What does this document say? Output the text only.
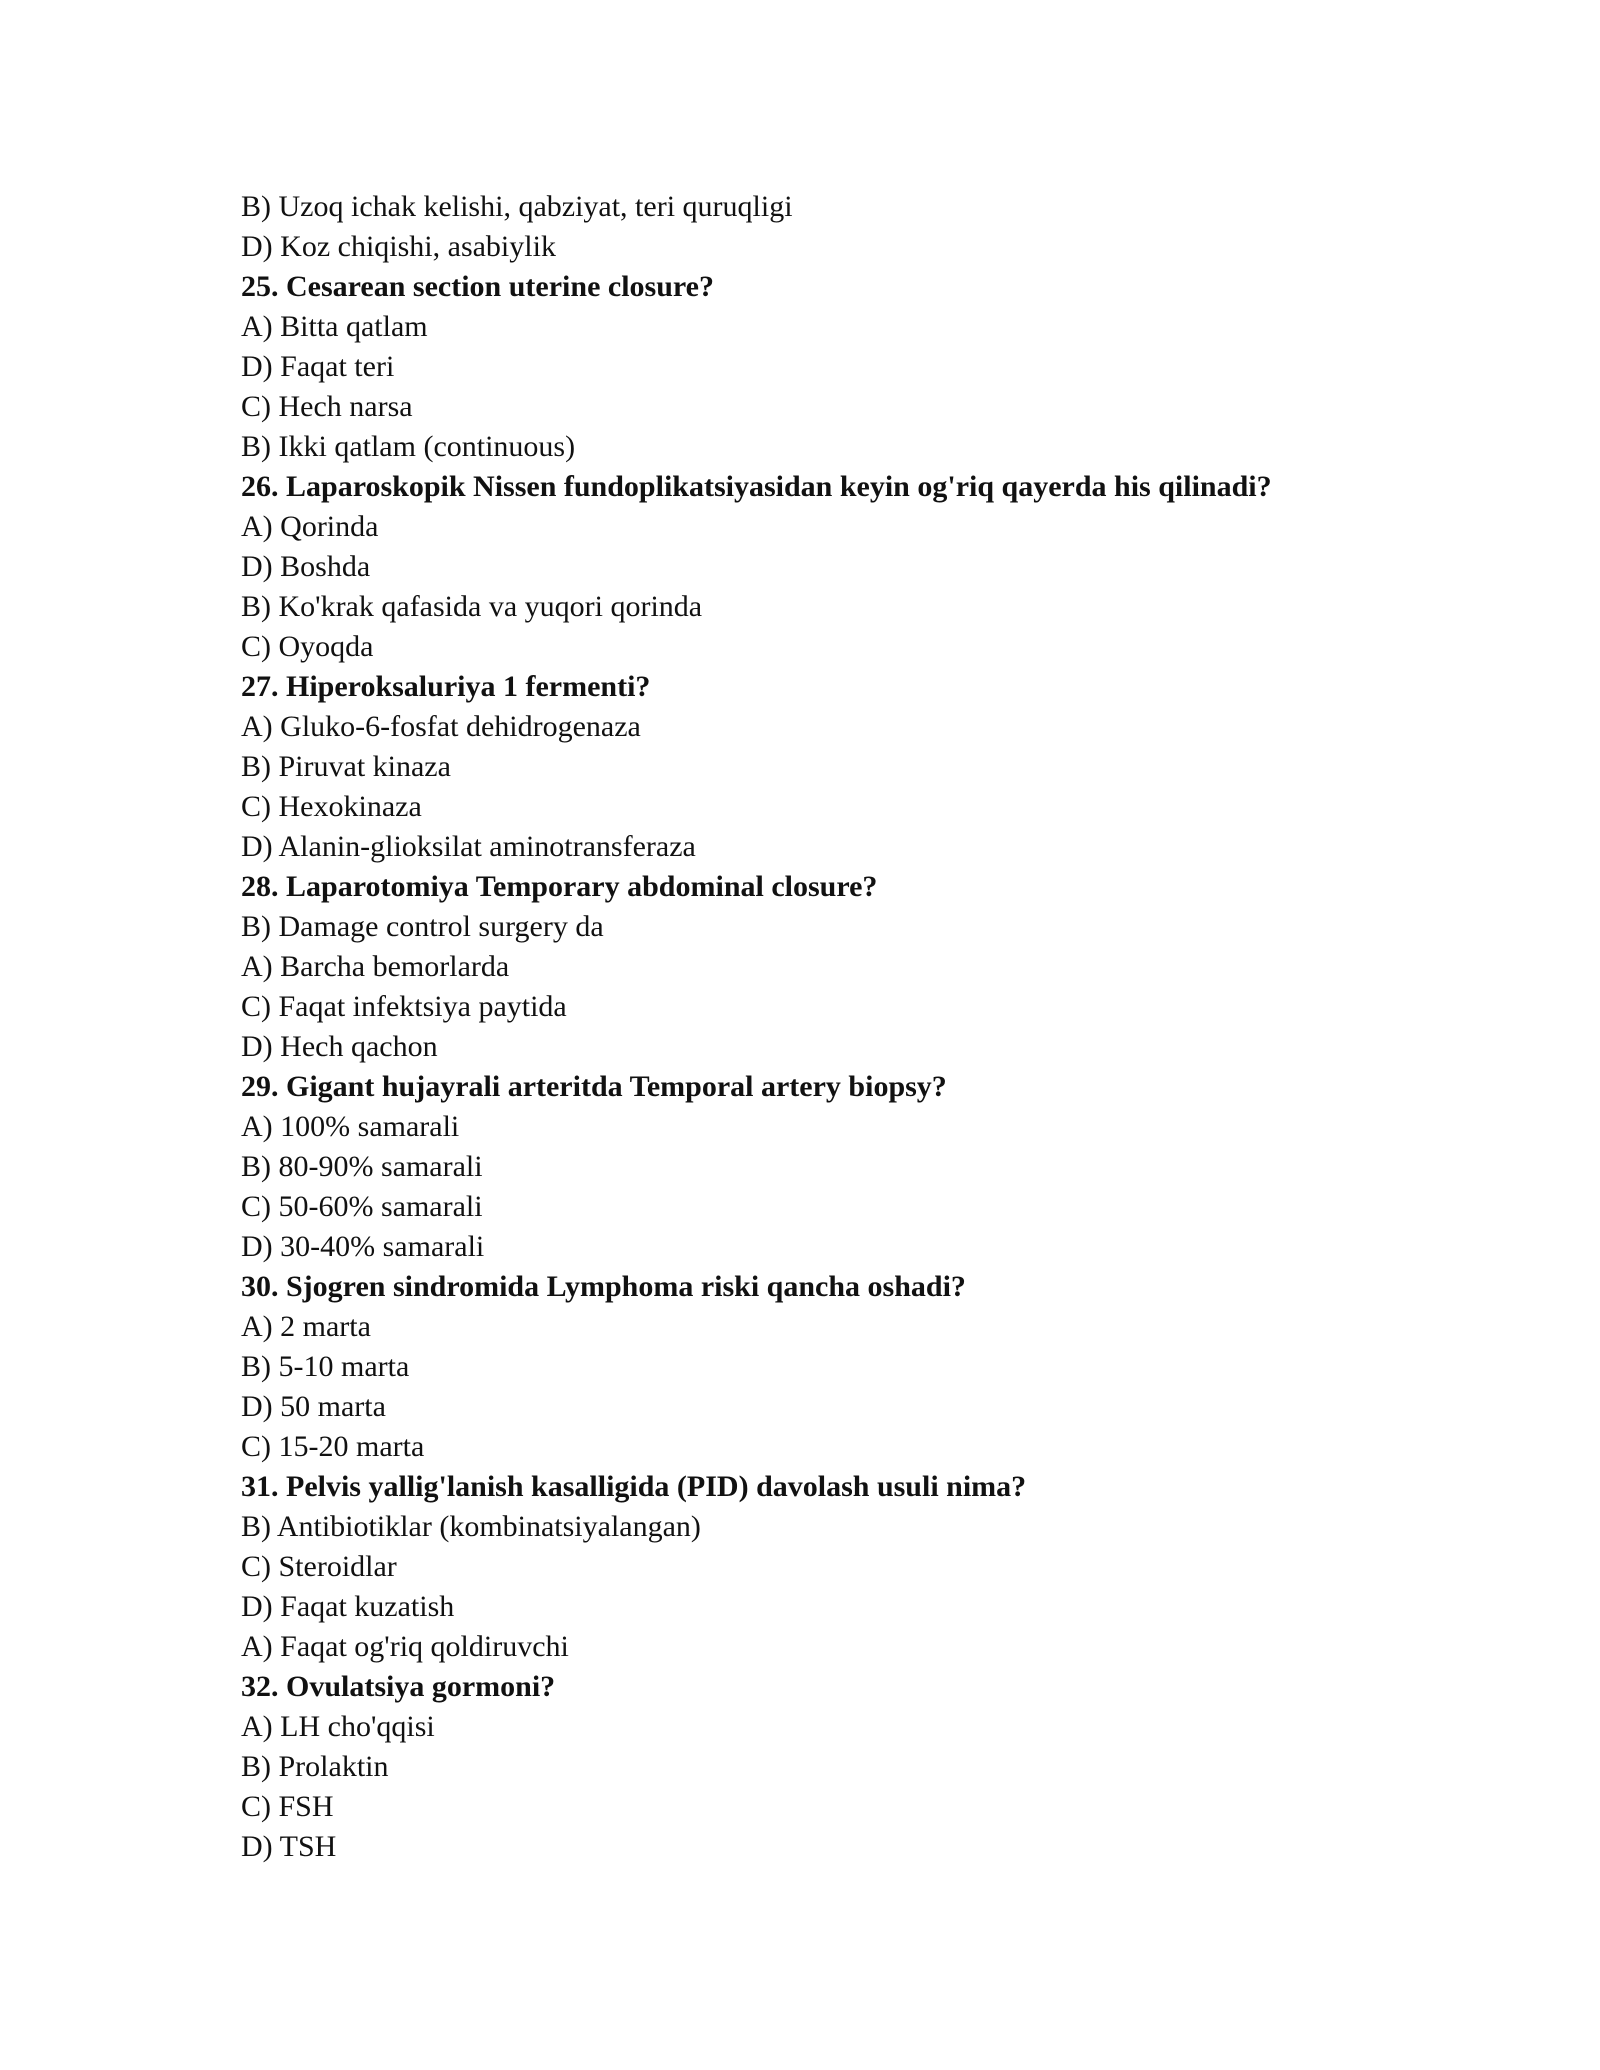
B) Uzoq ichak kelishi, qabziyat, teri quruqligi
D) Koz chiqishi, asabiylik
25. Cesarean section uterine closure?
A) Bitta qatlam
D) Faqat teri
C) Hech narsa
B) Ikki qatlam (continuous)
26. Laparoskopik Nissen fundoplikatsiyasidan keyin og'riq qayerda his qilinadi?
A) Qorinda
D) Boshda
B) Ko'krak qafasida va yuqori qorinda
C) Oyoqda
27. Hiperoksaluriya 1 fermenti?
A) Gluko-6-fosfat dehidrogenaza
B) Piruvat kinaza
C) Hexokinaza
D) Alanin-glioksilat aminotransferaza
28. Laparotomiya Temporary abdominal closure?
B) Damage control surgery da
A) Barcha bemorlarda
C) Faqat infektsiya paytida
D) Hech qachon
29. Gigant hujayrali arteritda Temporal artery biopsy?
A) 100% samarali
B) 80-90% samarali
C) 50-60% samarali
D) 30-40% samarali
30. Sjogren sindromida Lymphoma riski qancha oshadi?
A) 2 marta
B) 5-10 marta
D) 50 marta
C) 15-20 marta
31. Pelvis yallig'lanish kasalligida (PID) davolash usuli nima?
B) Antibiotiklar (kombinatsiyalangan)
C) Steroidlar
D) Faqat kuzatish
A) Faqat og'riq qoldiruvchi
32. Ovulatsiya gormoni?
A) LH cho'qqisi
B) Prolaktin
C) FSH
D) TSH
